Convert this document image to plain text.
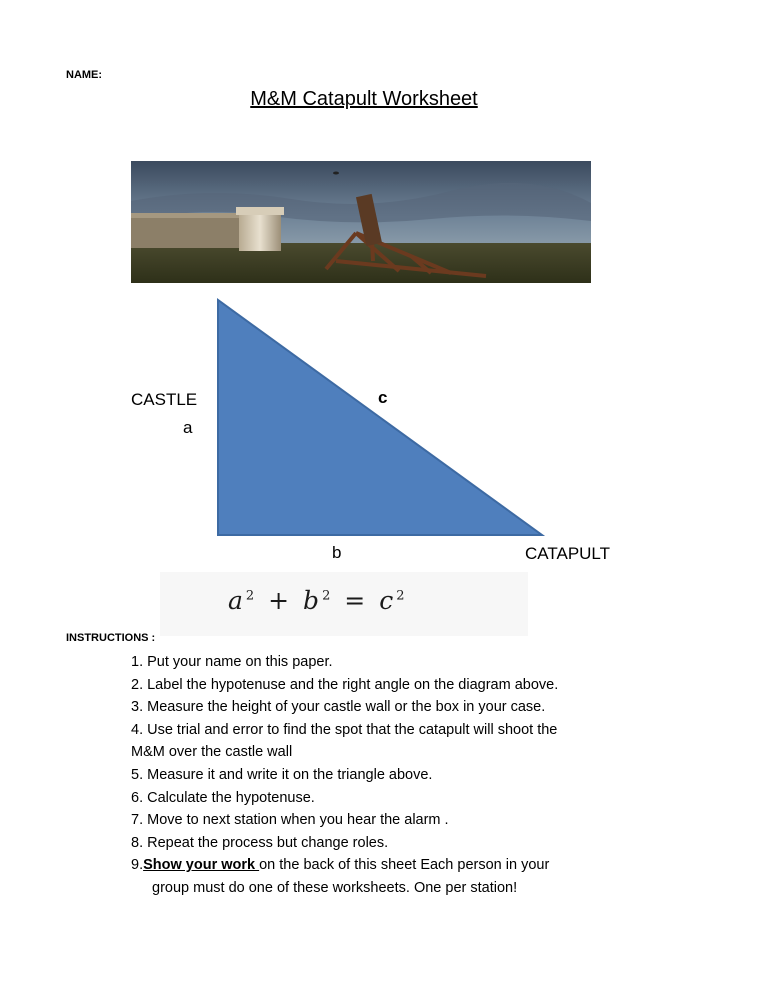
NAME:
M&M Catapult Worksheet
CASTLE
a
c
b	CATAPULT
$a^2 + b^2 = c^2$
INSTRUCTIONS :
1. Put your name on this paper.
2. Label the hypotenuse and the right angle on the diagram above.
3. Measure the height of your castle wall or the box in your case.
4. Use trial and error to find the spot that the catapult will shoot the
M&M over the castle wall
5. Measure it and write it on the triangle above.
6. Calculate the hypotenuse.
7. Move to next station when you hear the alarm .
8. Repeat the process but change roles.
9.Show your work on the back of this sheet Each person in your
group must do one of these worksheets. One per station!
